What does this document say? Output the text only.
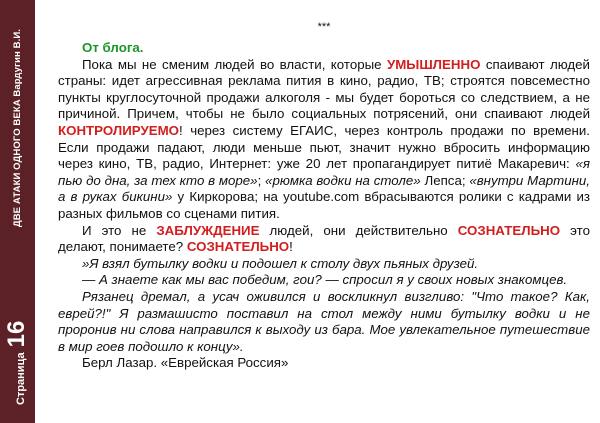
Страница
16
ДВЕ АТАКИ ОДНОГО ВЕКА Вардугин В.И.
***
От блога.

Пока мы не сменим людей во власти, которые УМЫШЛЕННО спаивают людей страны: идет агрессивная реклама пития в кино, радио, ТВ; строятся повсеместно пункты круглосуточной продажи алкоголя - мы будет бороться со следствием, а не причиной. Причем, чтобы не было социальных потрясений, они спаивают людей КОНТРОЛИРУЕМО! через систему ЕГАИС, через контроль продажи по времени. Если продажи падают, люди меньше пьют, значит нужно вбросить информацию через кино, ТВ, радио, Интернет: уже 20 лет пропагандирует питиё Макаревич: «я пью до дна, за тех кто в море»; «рюмка водки на столе» Лепса; «внутри Мартини, а в руках бикини» у Киркорова; на youtube.com вбрасываются ролики с кадрами из разных фильмов со сценами пития.

И это не ЗАБЛУЖДЕНИЕ людей, они действительно СОЗНАТЕЛЬНО это делают, понимаете? СОЗНАТЕЛЬНО!

»Я взял бутылку водки и подошел к столу двух пьяных друзей.

— А знаете как мы вас победим, гои? — спросил я у своих новых знакомцев.

Рязанец дремал, а усач оживился и воскликнул визгливо: "Что такое? Как, еврей?!" Я размашисто поставил на стол между ними бутылку водки и не проронив ни слова направился к выходу из бара. Мое увлекательное путешествие в мир гоев подошло к концу».

Берл Лазар. «Еврейская Россия»
